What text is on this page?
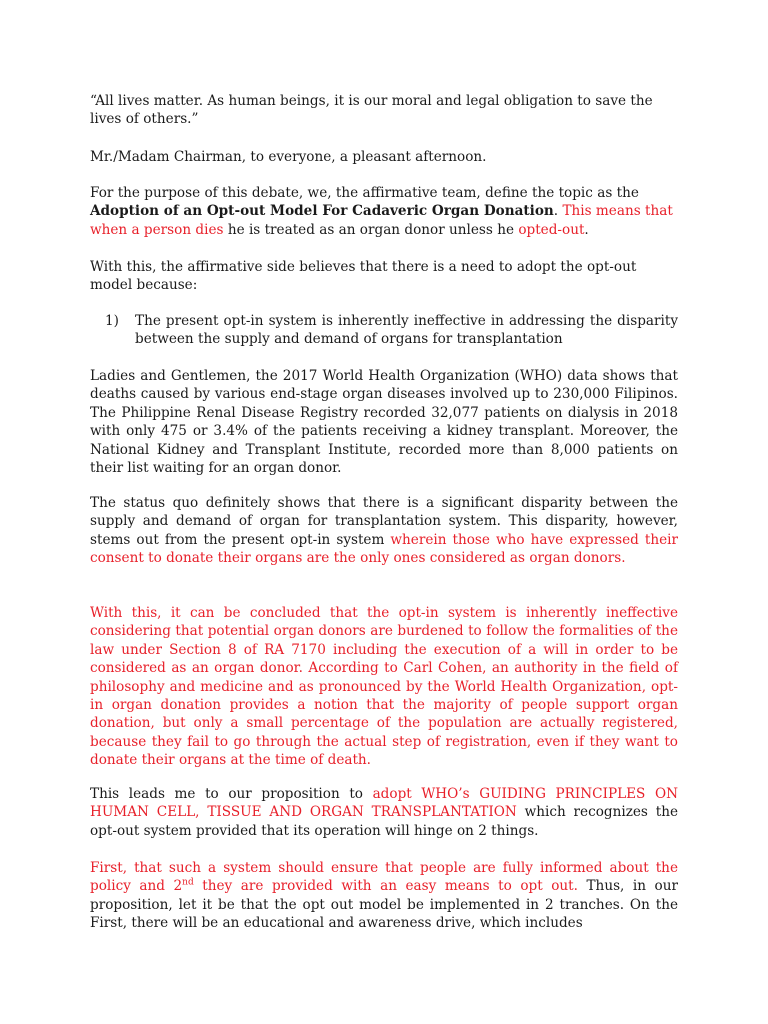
“All lives matter. As human beings, it is our moral and legal obligation to save the lives of others.”

Mr./Madam Chairman, to everyone, a pleasant afternoon.

For the purpose of this debate, we, the affirmative team, define the topic as the Adoption of an Opt-out Model For Cadaveric Organ Donation. This means that when a person dies he is treated as an organ donor unless he opted-out.

With this, the affirmative side believes that there is a need to adopt the opt-out model because:

1) The present opt-in system is inherently ineffective in addressing the disparity between the supply and demand of organs for transplantation

Ladies and Gentlemen, the 2017 World Health Organization (WHO) data shows that deaths caused by various end-stage organ diseases involved up to 230,000 Filipinos. The Philippine Renal Disease Registry recorded 32,077 patients on dialysis in 2018 with only 475 or 3.4% of the patients receiving a kidney transplant. Moreover, the National Kidney and Transplant Institute, recorded more than 8,000 patients on their list waiting for an organ donor.

The status quo definitely shows that there is a significant disparity between the supply and demand of organ for transplantation system. This disparity, however, stems out from the present opt-in system wherein those who have expressed their consent to donate their organs are the only ones considered as organ donors.

With this, it can be concluded that the opt-in system is inherently ineffective considering that potential organ donors are burdened to follow the formalities of the law under Section 8 of RA 7170 including the execution of a will in order to be considered as an organ donor. According to Carl Cohen, an authority in the field of philosophy and medicine and as pronounced by the World Health Organization, opt-in organ donation provides a notion that the majority of people support organ donation, but only a small percentage of the population are actually registered, because they fail to go through the actual step of registration, even if they want to donate their organs at the time of death.

This leads me to our proposition to adopt WHO’s GUIDING PRINCIPLES ON HUMAN CELL, TISSUE AND ORGAN TRANSPLANTATION which recognizes the opt-out system provided that its operation will hinge on 2 things.

First, that such a system should ensure that people are fully informed about the policy and 2nd they are provided with an easy means to opt out. Thus, in our proposition, let it be that the opt out model be implemented in 2 tranches. On the First, there will be an educational and awareness drive, which includes
